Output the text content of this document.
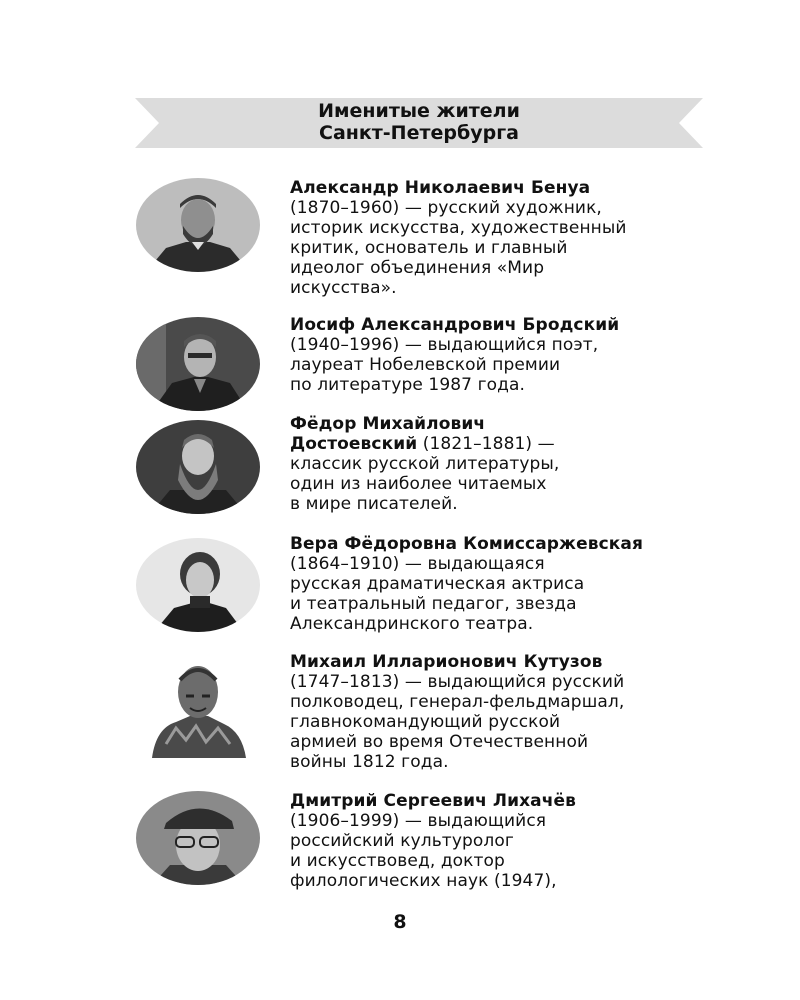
Именитые жители
Санкт-Петербурга
Александр Николаевич Бенуа
(1870–1960) — русский художник,
историк искусства, художественный
критик, основатель и главный
идеолог объединения «Мир
искусства».
Иосиф Александрович Бродский
(1940–1996) — выдающийся поэт,
лауреат Нобелевской премии
по литературе 1987 года.
Фёдор Михайлович
Достоевский (1821–1881) —
классик русской литературы,
один из наиболее читаемых
в мире писателей.
Вера Фёдоровна Комиссаржевская
(1864–1910) — выдающаяся
русская драматическая актриса
и театральный педагог, звезда
Александринского театра.
Михаил Илларионович Кутузов
(1747–1813) — выдающийся русский
полководец, генерал-фельдмаршал,
главнокомандующий русской
армией во время Отечественной
войны 1812 года.
Дмитрий Сергеевич Лихачёв
(1906–1999) — выдающийся
российский культуролог
и искусствовед, доктор
филологических наук (1947),
8
